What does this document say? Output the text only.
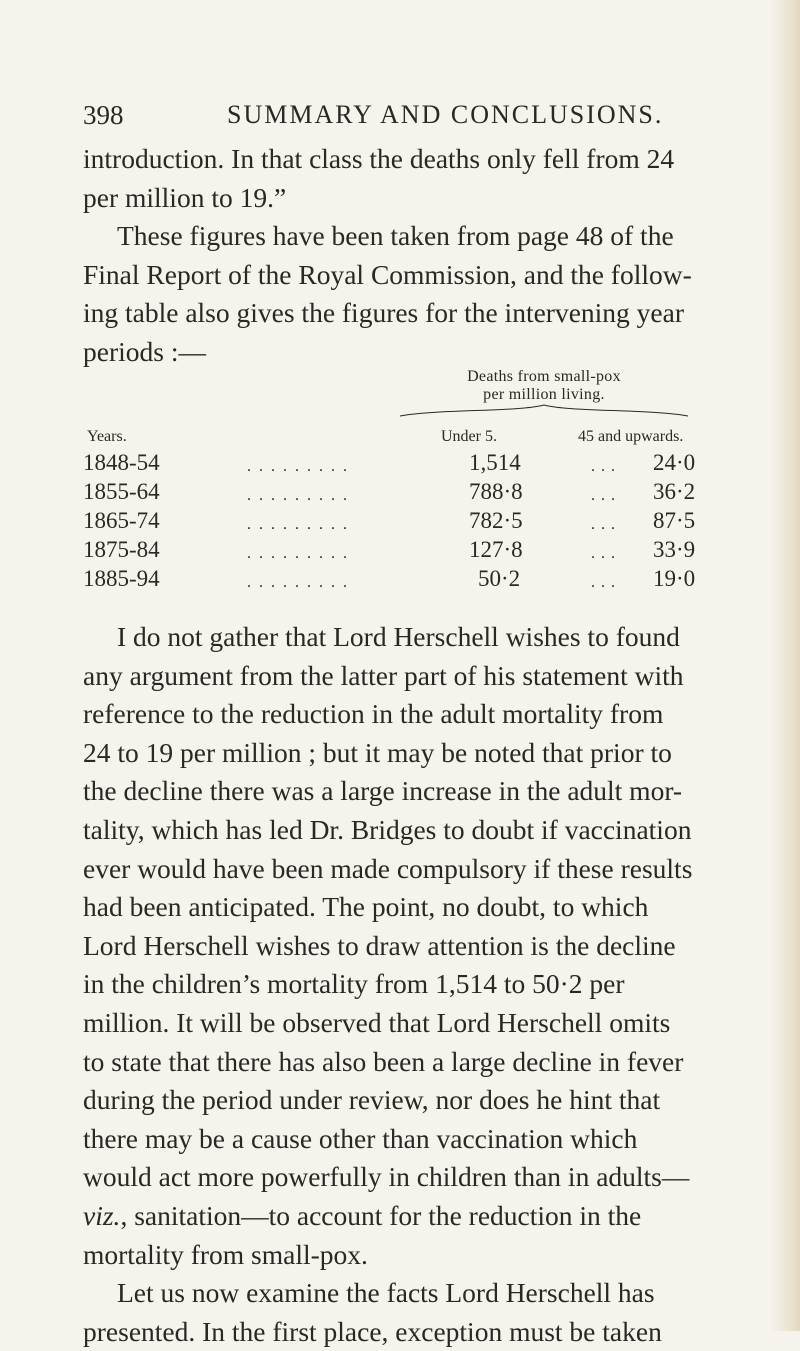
398	SUMMARY AND CONCLUSIONS.
introduction. In that class the deaths only fell from 24
per million to 19.”
These figures have been taken from page 48 of the
Final Report of the Royal Commission, and the follow-
ing table also gives the figures for the intervening year
periods :—
Deaths from small-pox
per million living.
Years.	Under 5.	45 and upwards.
1848-54	.........	1,514	... 24·0
1855-64	.........	788·8	... 36·2
1865-74	.........	782·5	... 87·5
1875-84	.........	127·8	... 33·9
1885-94	.........	50·2	... 19·0
I do not gather that Lord Herschell wishes to found
any argument from the latter part of his statement with
reference to the reduction in the adult mortality from
24 to 19 per million ; but it may be noted that prior to
the decline there was a large increase in the adult mor-
tality, which has led Dr. Bridges to doubt if vaccination
ever would have been made compulsory if these results
had been anticipated. The point, no doubt, to which
Lord Herschell wishes to draw attention is the decline
in the children’s mortality from 1,514 to 50·2 per
million. It will be observed that Lord Herschell omits
to state that there has also been a large decline in fever
during the period under review, nor does he hint that
there may be a cause other than vaccination which
would act more powerfully in children than in adults—
viz., sanitation—to account for the reduction in the
mortality from small-pox.
Let us now examine the facts Lord Herschell has
presented. In the first place, exception must be taken
